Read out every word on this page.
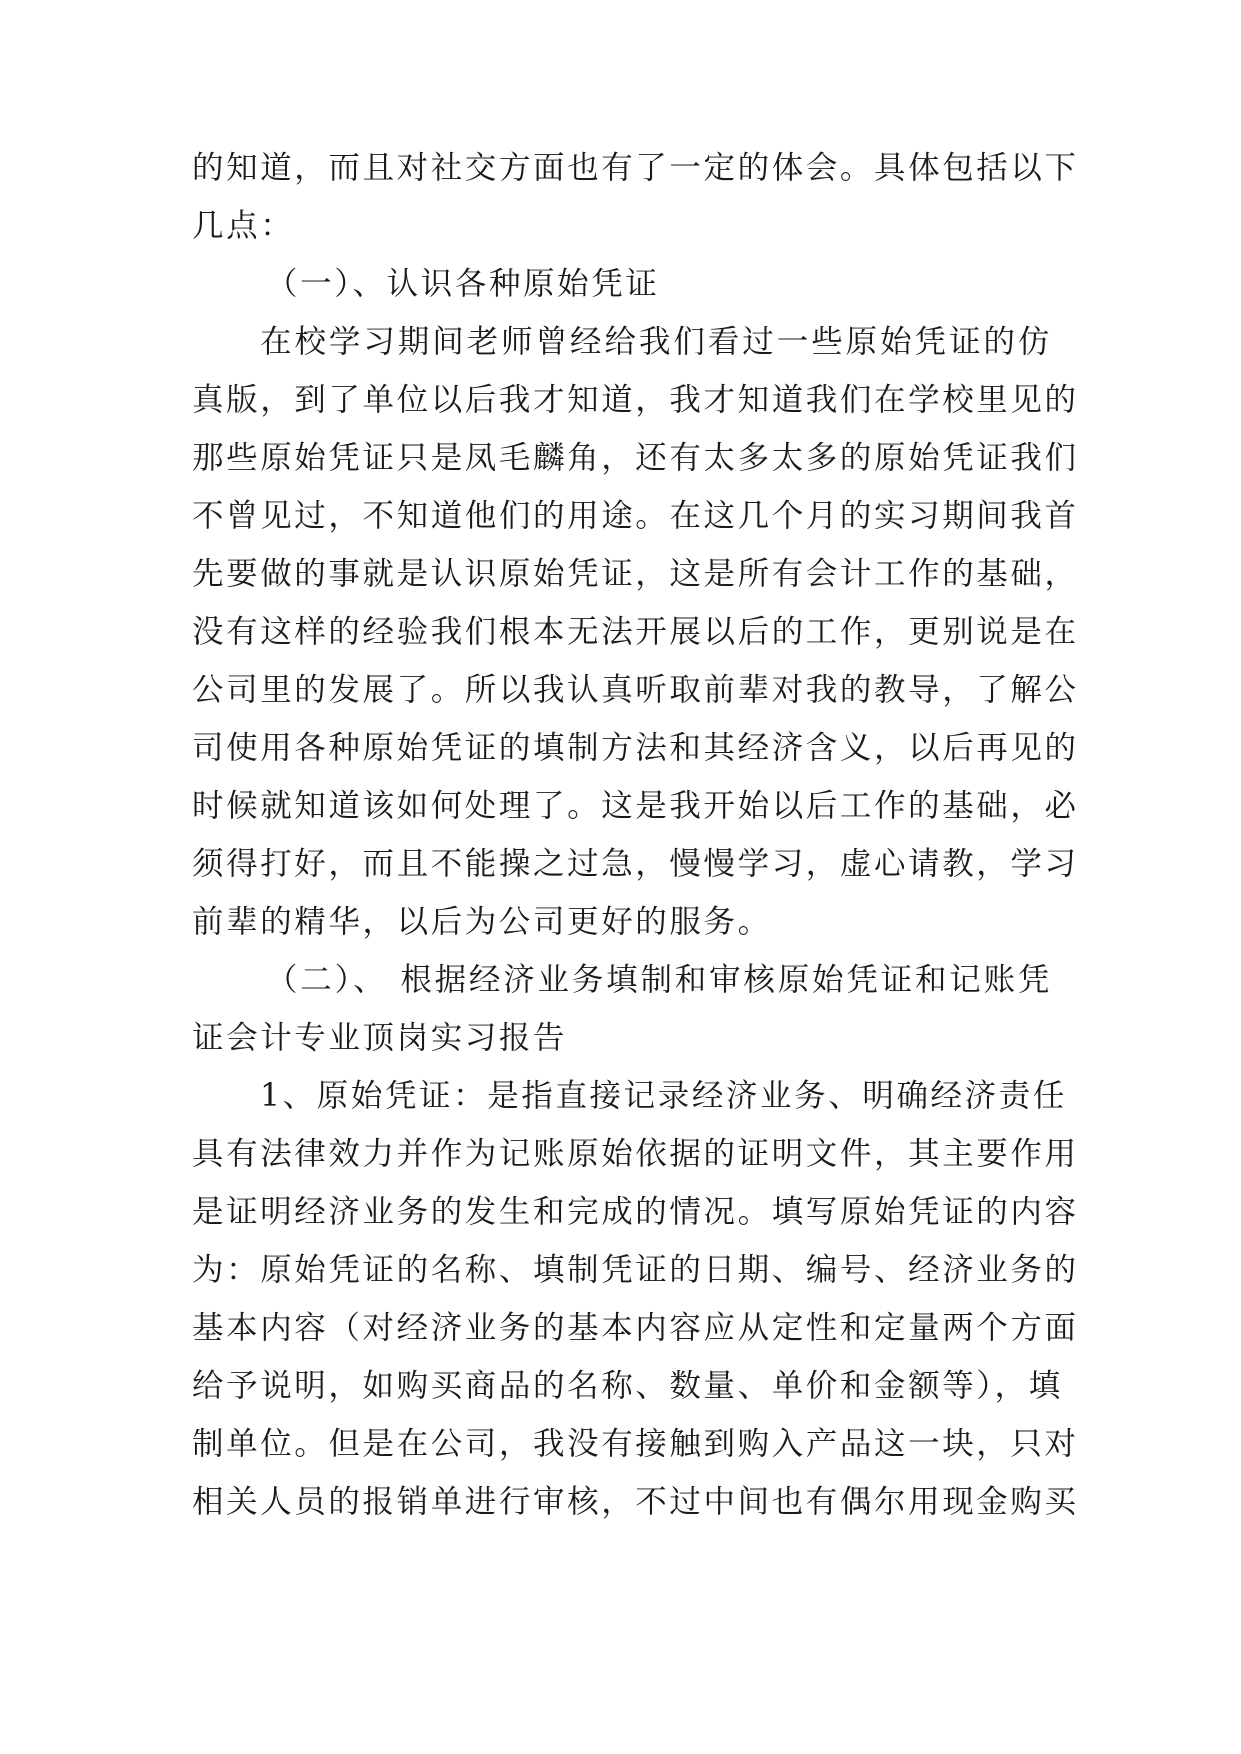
的知道，而且对社交方面也有了一定的体会。具体包括以下
几点：
（一）、认识各种原始凭证
在校学习期间老师曾经给我们看过一些原始凭证的仿
真版，到了单位以后我才知道，我才知道我们在学校里见的
那些原始凭证只是凤毛麟角，还有太多太多的原始凭证我们
不曾见过，不知道他们的用途。在这几个月的实习期间我首
先要做的事就是认识原始凭证，这是所有会计工作的基础，
没有这样的经验我们根本无法开展以后的工作，更别说是在
公司里的发展了。所以我认真听取前辈对我的教导，了解公
司使用各种原始凭证的填制方法和其经济含义，以后再见的
时候就知道该如何处理了。这是我开始以后工作的基础，必
须得打好，而且不能操之过急，慢慢学习，虚心请教，学习
前辈的精华，以后为公司更好的服务。
（二）、 根据经济业务填制和审核原始凭证和记账凭
证会计专业顶岗实习报告
1、原始凭证：是指直接记录经济业务、明确经济责任
具有法律效力并作为记账原始依据的证明文件，其主要作用
是证明经济业务的发生和完成的情况。填写原始凭证的内容
为：原始凭证的名称、填制凭证的日期、编号、经济业务的
基本内容（对经济业务的基本内容应从定性和定量两个方面
给予说明，如购买商品的名称、数量、单价和金额等），填
制单位。但是在公司，我没有接触到购入产品这一块，只对
相关人员的报销单进行审核，不过中间也有偶尔用现金购买
